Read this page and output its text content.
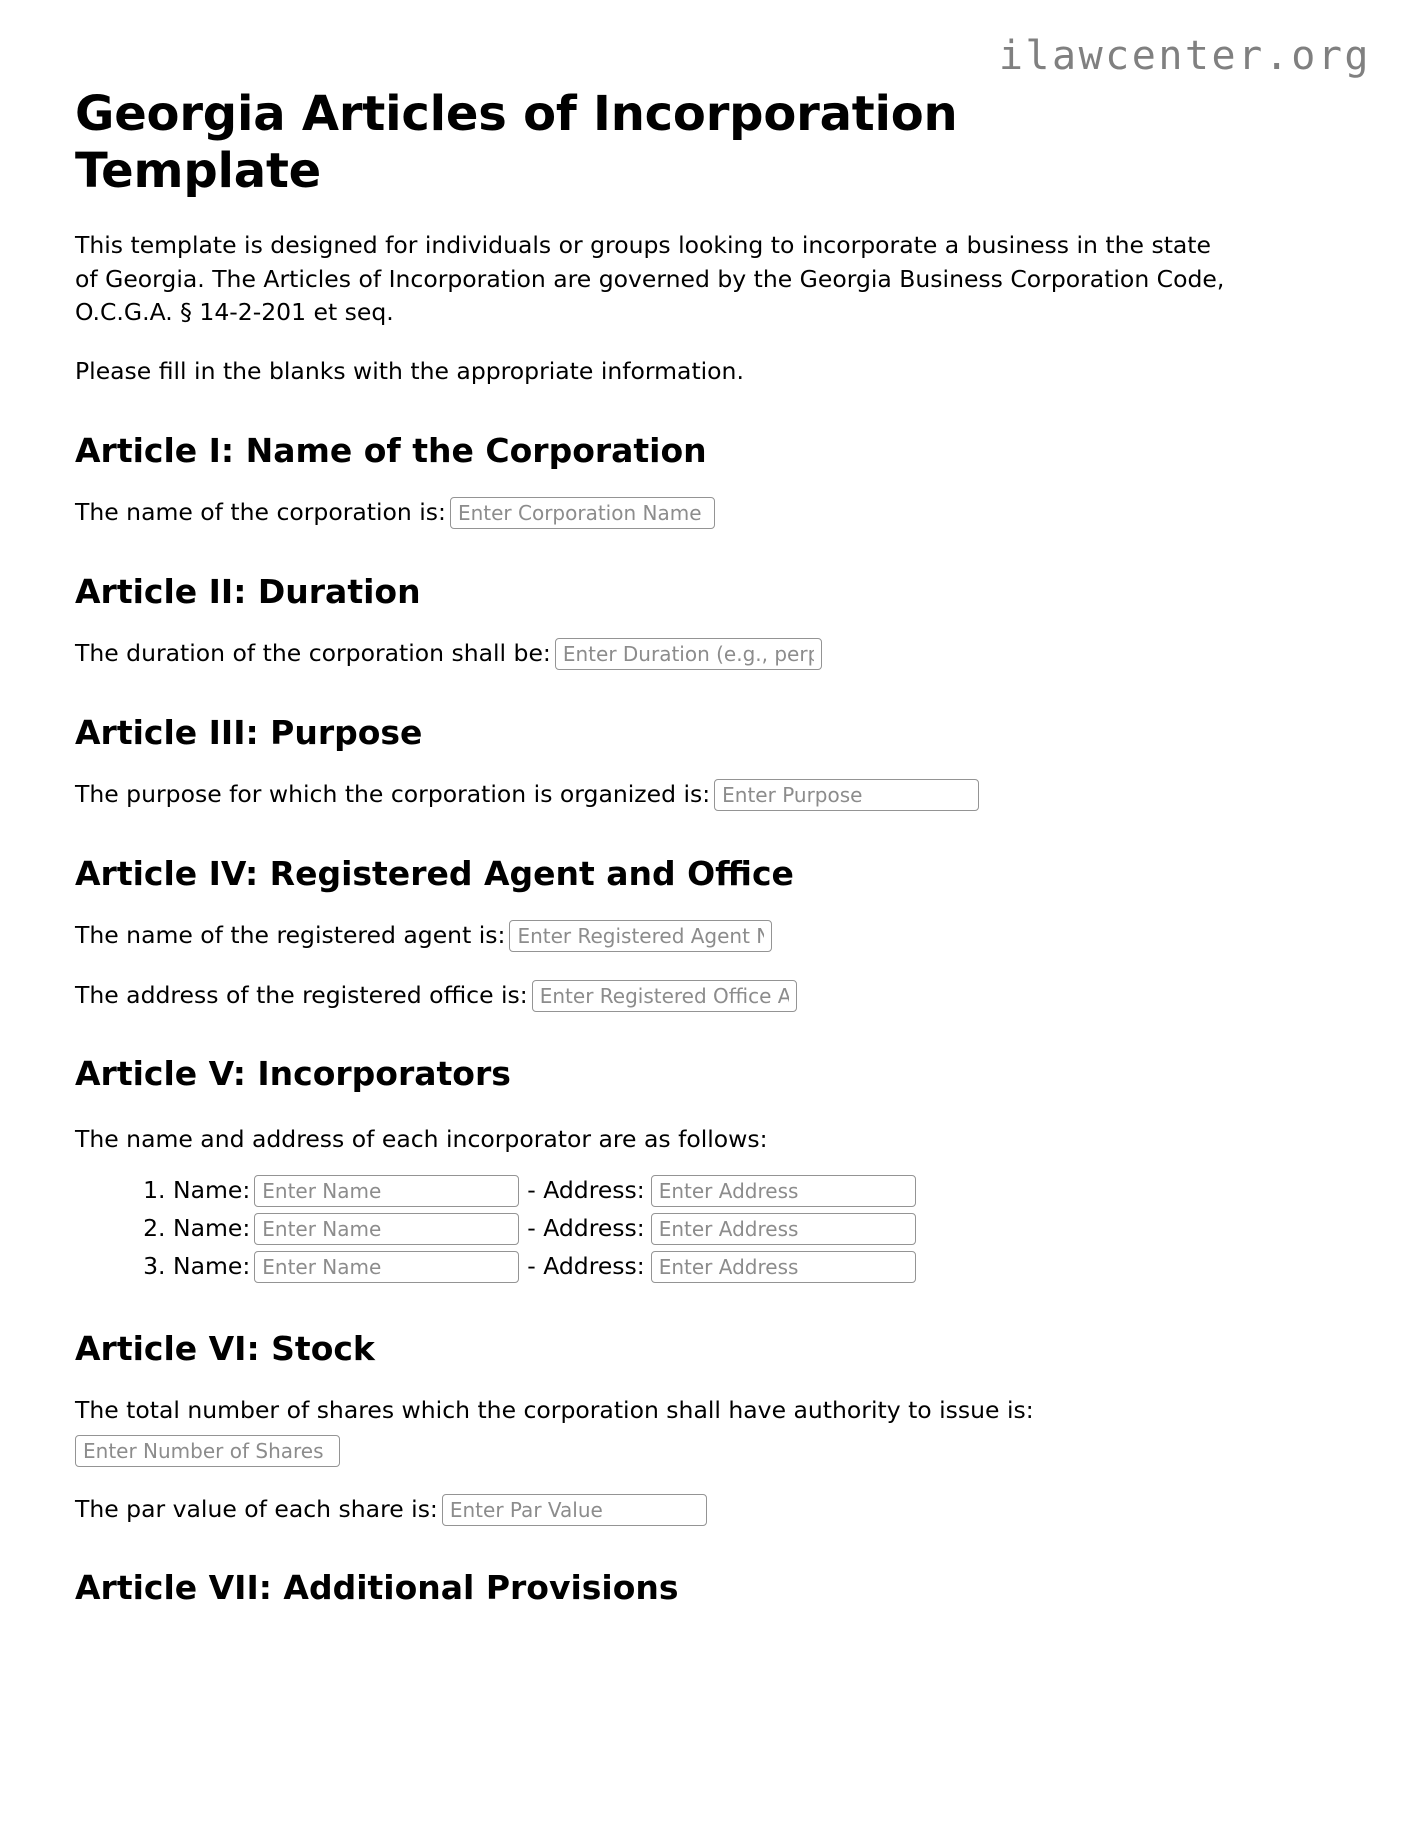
ilawcenter.org
Georgia Articles of Incorporation Template

This template is designed for individuals or groups looking to incorporate a business in the state of Georgia. The Articles of Incorporation are governed by the Georgia Business Corporation Code, O.C.G.A. § 14-2-201 et seq.

Please fill in the blanks with the appropriate information.

Article I: Name of the Corporation
The name of the corporation is:Enter Corporation Name
Article II: Duration
The duration of the corporation shall be:Enter Duration (e.g., perpetual)
Article III: Purpose
The purpose for which the corporation is organized is:Enter Purpose
Article IV: Registered Agent and Office
The name of the registered agent is:Enter Registered Agent Name
The address of the registered office is:Enter Registered Office Address
Article V: Incorporators

The name and address of each incorporator are as follows:

1. Name:Enter Name	- Address:Enter Address
2. Name:Enter Name	- Address:Enter Address
3. Name:Enter Name	- Address:Enter Address
Article VI: Stock
The total number of shares which the corporation shall have authority to issue is:
Enter Number of Shares
The par value of each share is:Enter Par Value
Article VII: Additional Provisions
